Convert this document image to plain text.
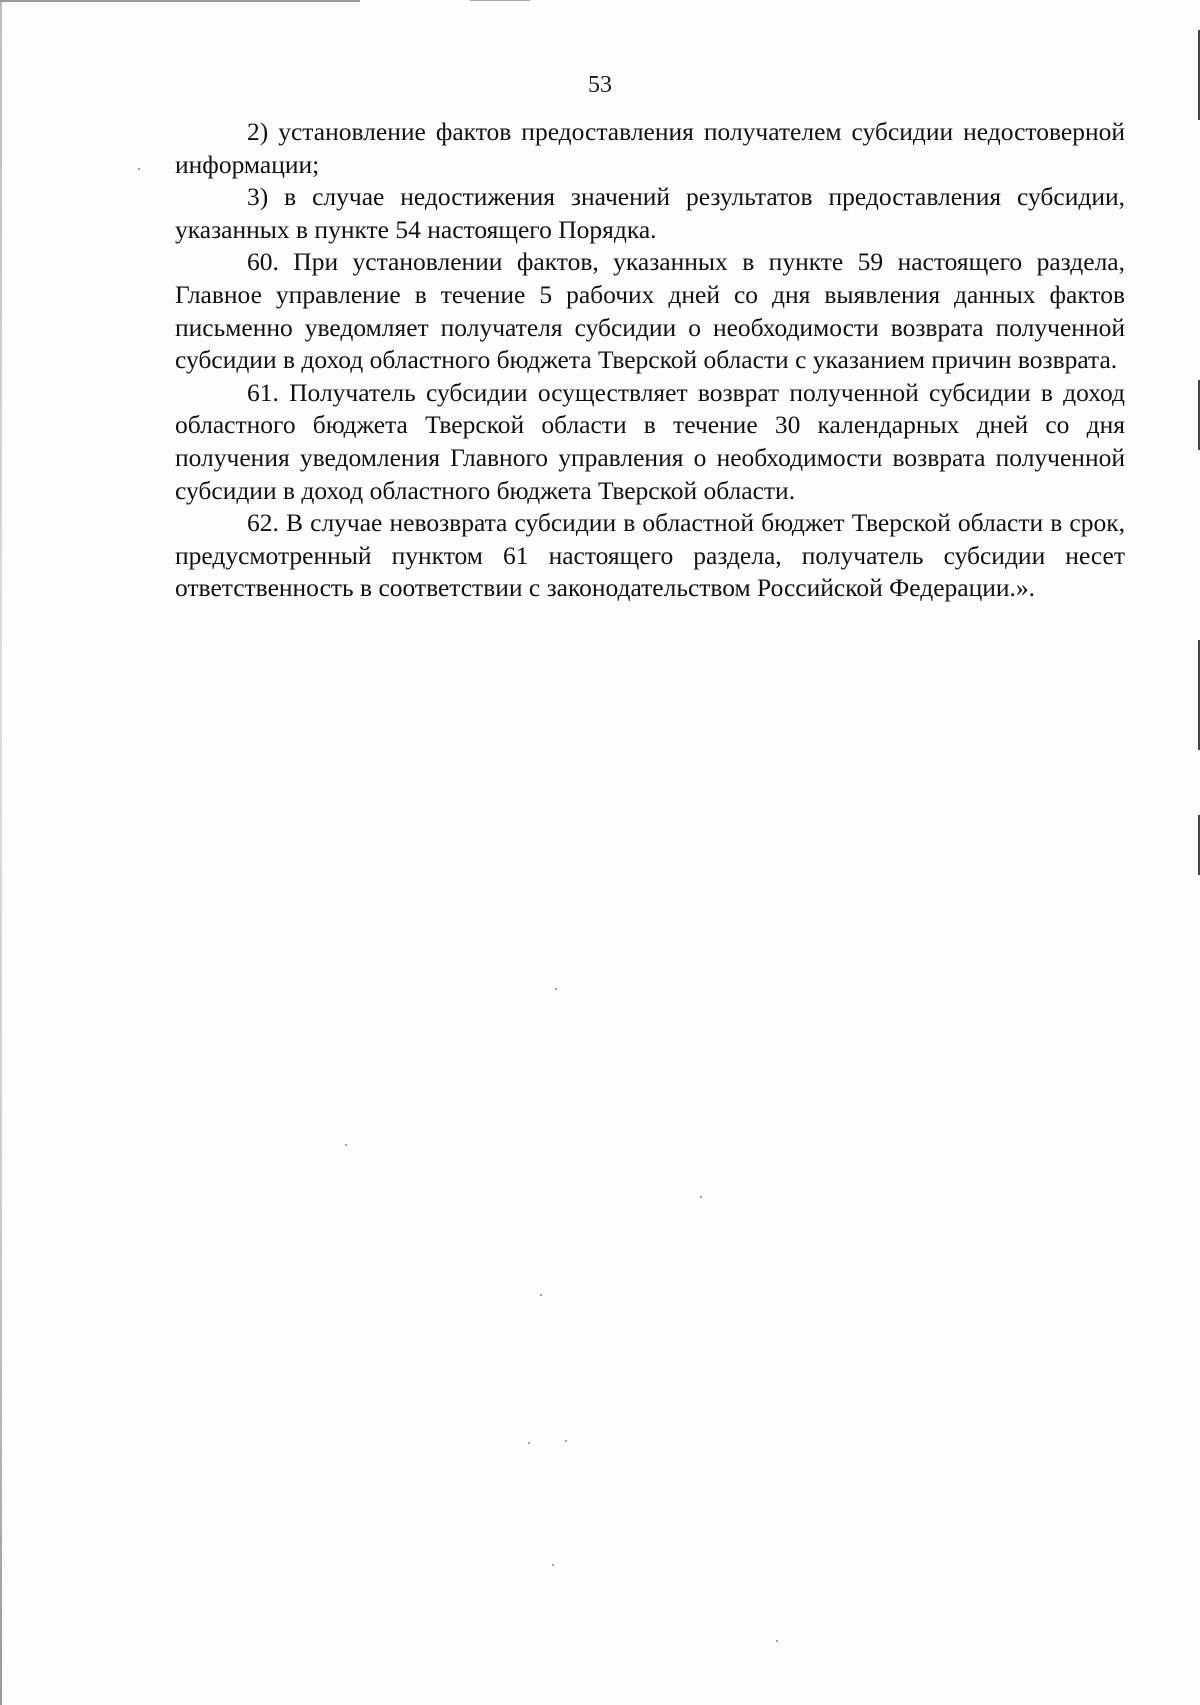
53

2) установление фактов предоставления получателем субсидии недостоверной информации;

3) в случае недостижения значений результатов предоставления субсидии, указанных в пункте 54 настоящего Порядка.

60. При установлении фактов, указанных в пункте 59 настоящего раздела, Главное управление в течение 5 рабочих дней со дня выявления данных фактов письменно уведомляет получателя субсидии о необходимости возврата полученной субсидии в доход областного бюджета Тверской области с указанием причин возврата.

61. Получатель субсидии осуществляет возврат полученной субсидии в доход областного бюджета Тверской области в течение 30 календарных дней со дня получения уведомления Главного управления о необходимости возврата полученной субсидии в доход областного бюджета Тверской области.

62. В случае невозврата субсидии в областной бюджет Тверской области в срок, предусмотренный пунктом 61 настоящего раздела, получатель субсидии несет ответственность в соответствии с законодательством Российской Федерации.».
